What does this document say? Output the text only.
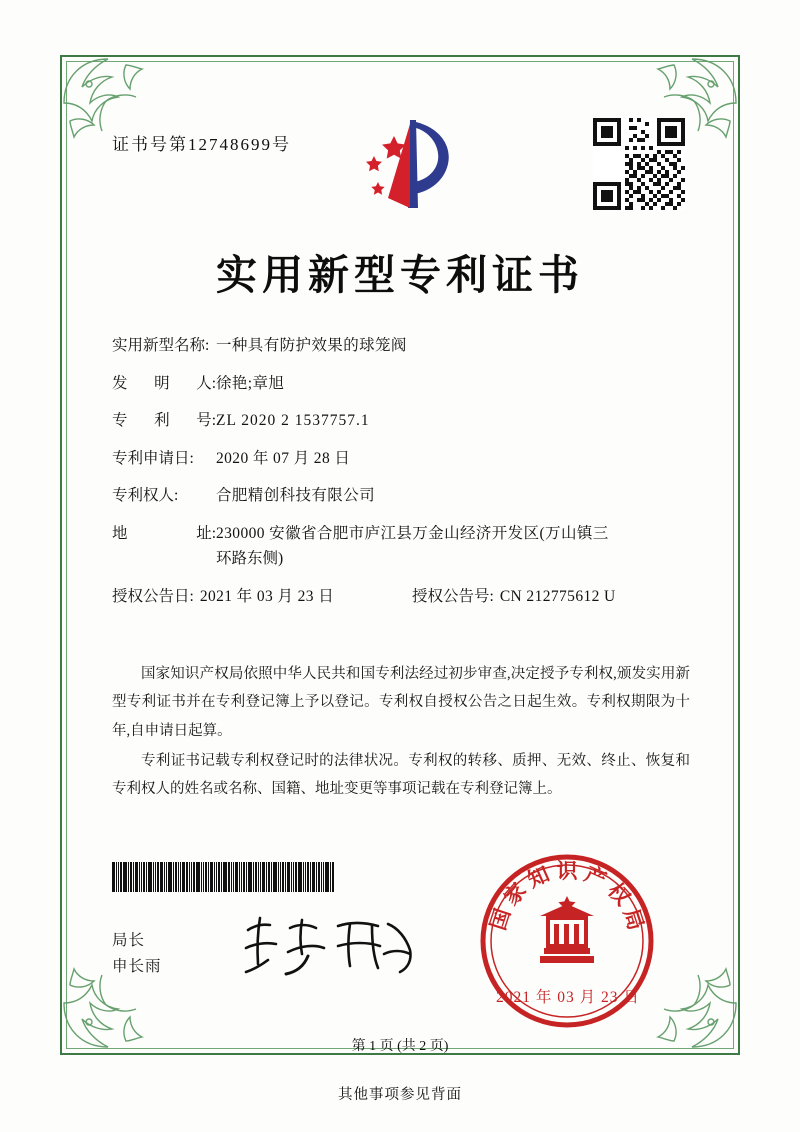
证书号第12748699号
实用新型专利证书
实用新型名称: 一种具有防护效果的球笼阀
发 明 人: 徐艳;章旭
专 利 号: ZL 2020 2 1537757.1
专利申请日:	2020 年 07 月 28 日
专利权人:	合肥精创科技有限公司
地	址: 230000 安徽省合肥市庐江县万金山经济开发区(万山镇三
环路东侧)
授权公告日: 2021 年 03 月 23 日	授权公告号: CN 212775612 U

国家知识产权局依照中华人民共和国专利法经过初步审查,决定授予专利权,颁发实用新型专利证书并在专利登记簿上予以登记。专利权自授权公告之日起生效。专利权期限为十年,自申请日起算。

专利证书记载专利权登记时的法律状况。专利权的转移、质押、无效、终止、恢复和专利权人的姓名或名称、国籍、地址变更等事项记载在专利登记簿上。

局长
申长雨
国
家
知 识 产
权
局
2021 年 03 月 23 日
第 1 页 (共 2 页)
其他事项参见背面
